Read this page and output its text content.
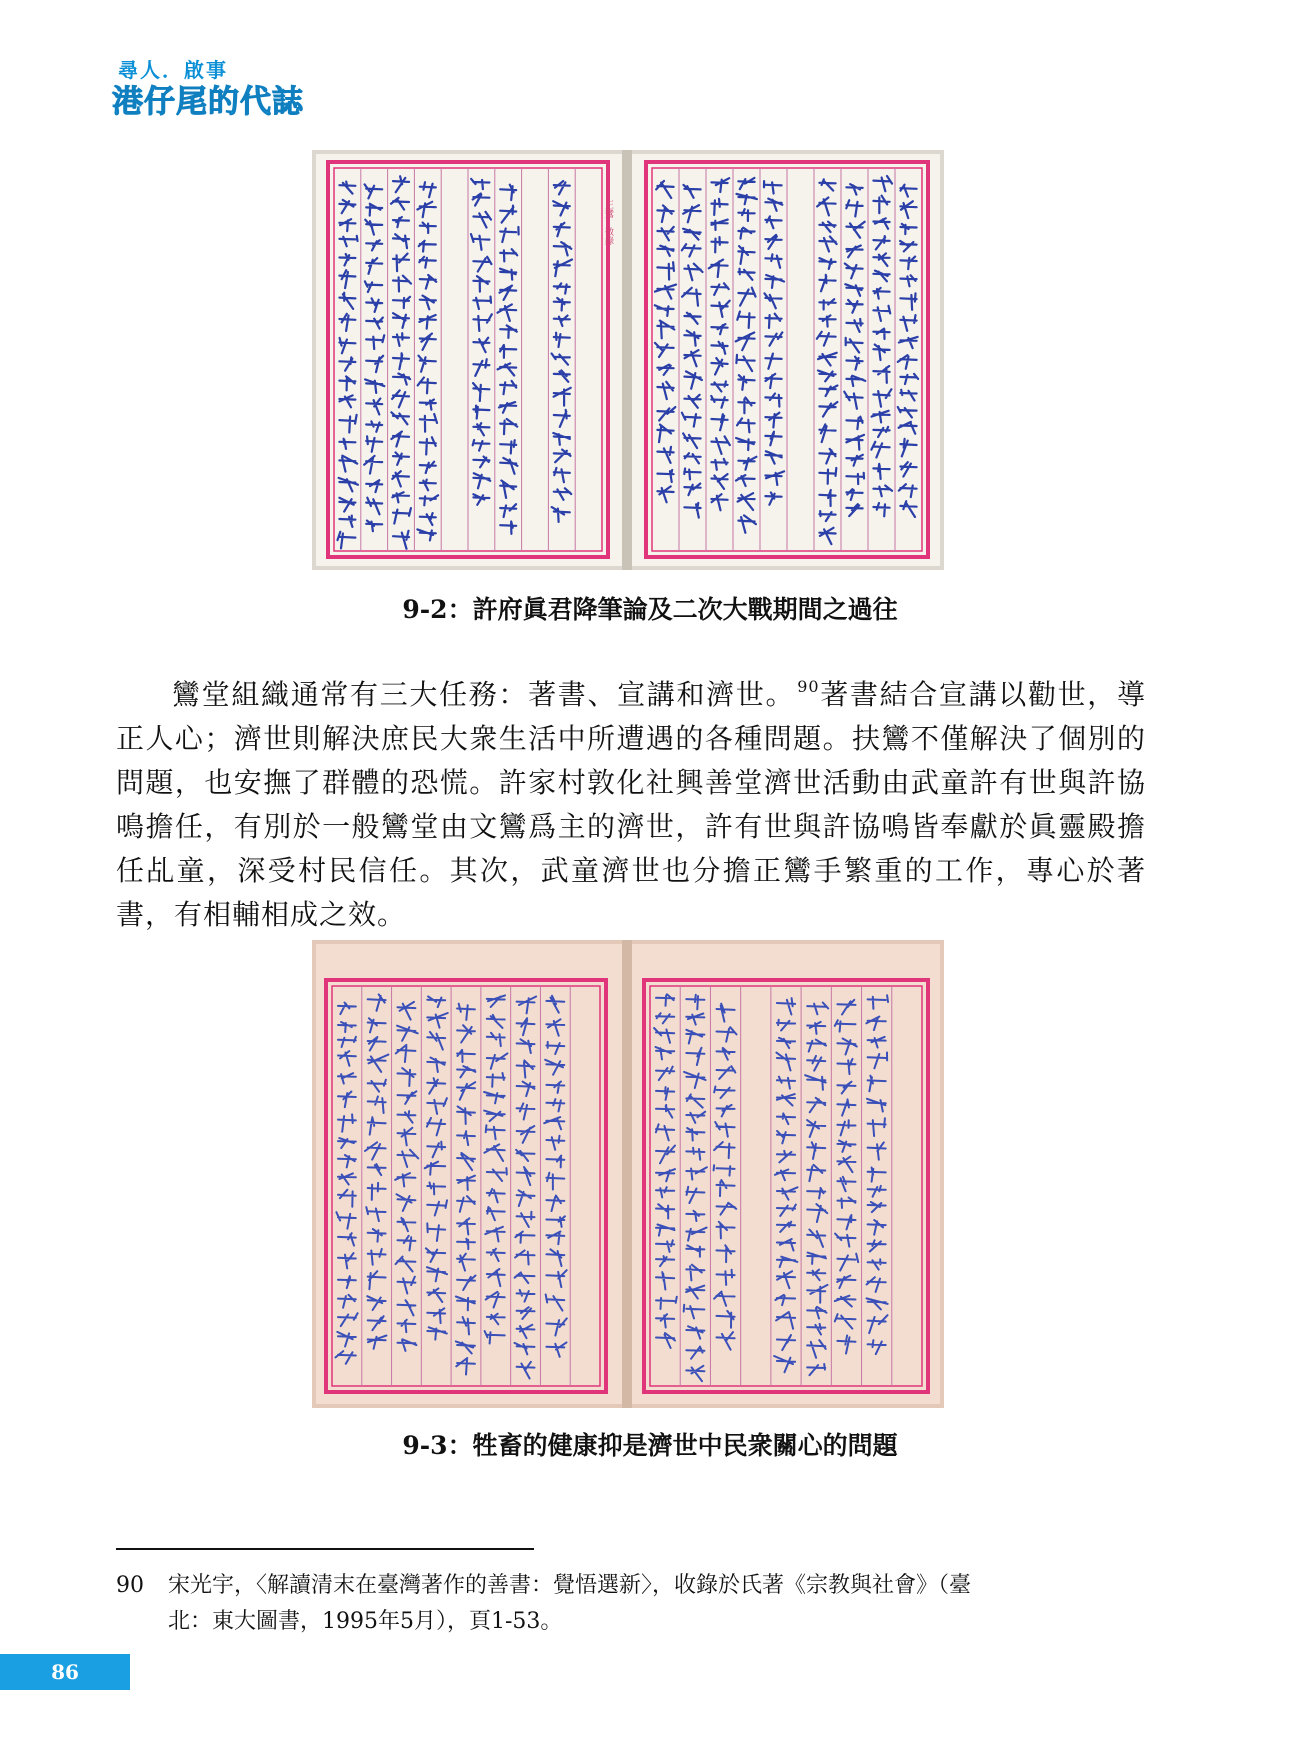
尋人．啟事
港仔尾的代誌
正鸞　敬錄
9-2：許府眞君降筆論及二次大戰期間之過往
鸞堂組織通常有三大任務：著書、宣講和濟世。 $^{90}$著書結合宣講以勸世，導正人心；濟世則解決庶民大衆生活中所遭遇的各種問題。扶鸞不僅解決了個別的問題，也安撫了群體的恐慌。許家村敦化社興善堂濟世活動由武童許有世與許協鳴擔任，有別於一般鸞堂由文鸞爲主的濟世，許有世與許協鳴皆奉獻於眞靈殿擔任乩童，深受村民信任。其次，武童濟世也分擔正鸞手繁重的工作，專心於著書，有相輔相成之效。
9-3：牲畜的健康抑是濟世中民衆關心的問題
90 宋光宇，〈解讀清末在臺灣著作的善書：覺悟選新〉，收錄於氏著《宗教與社會》（臺
北：東大圖書，1995年5月），頁1-53。
86
